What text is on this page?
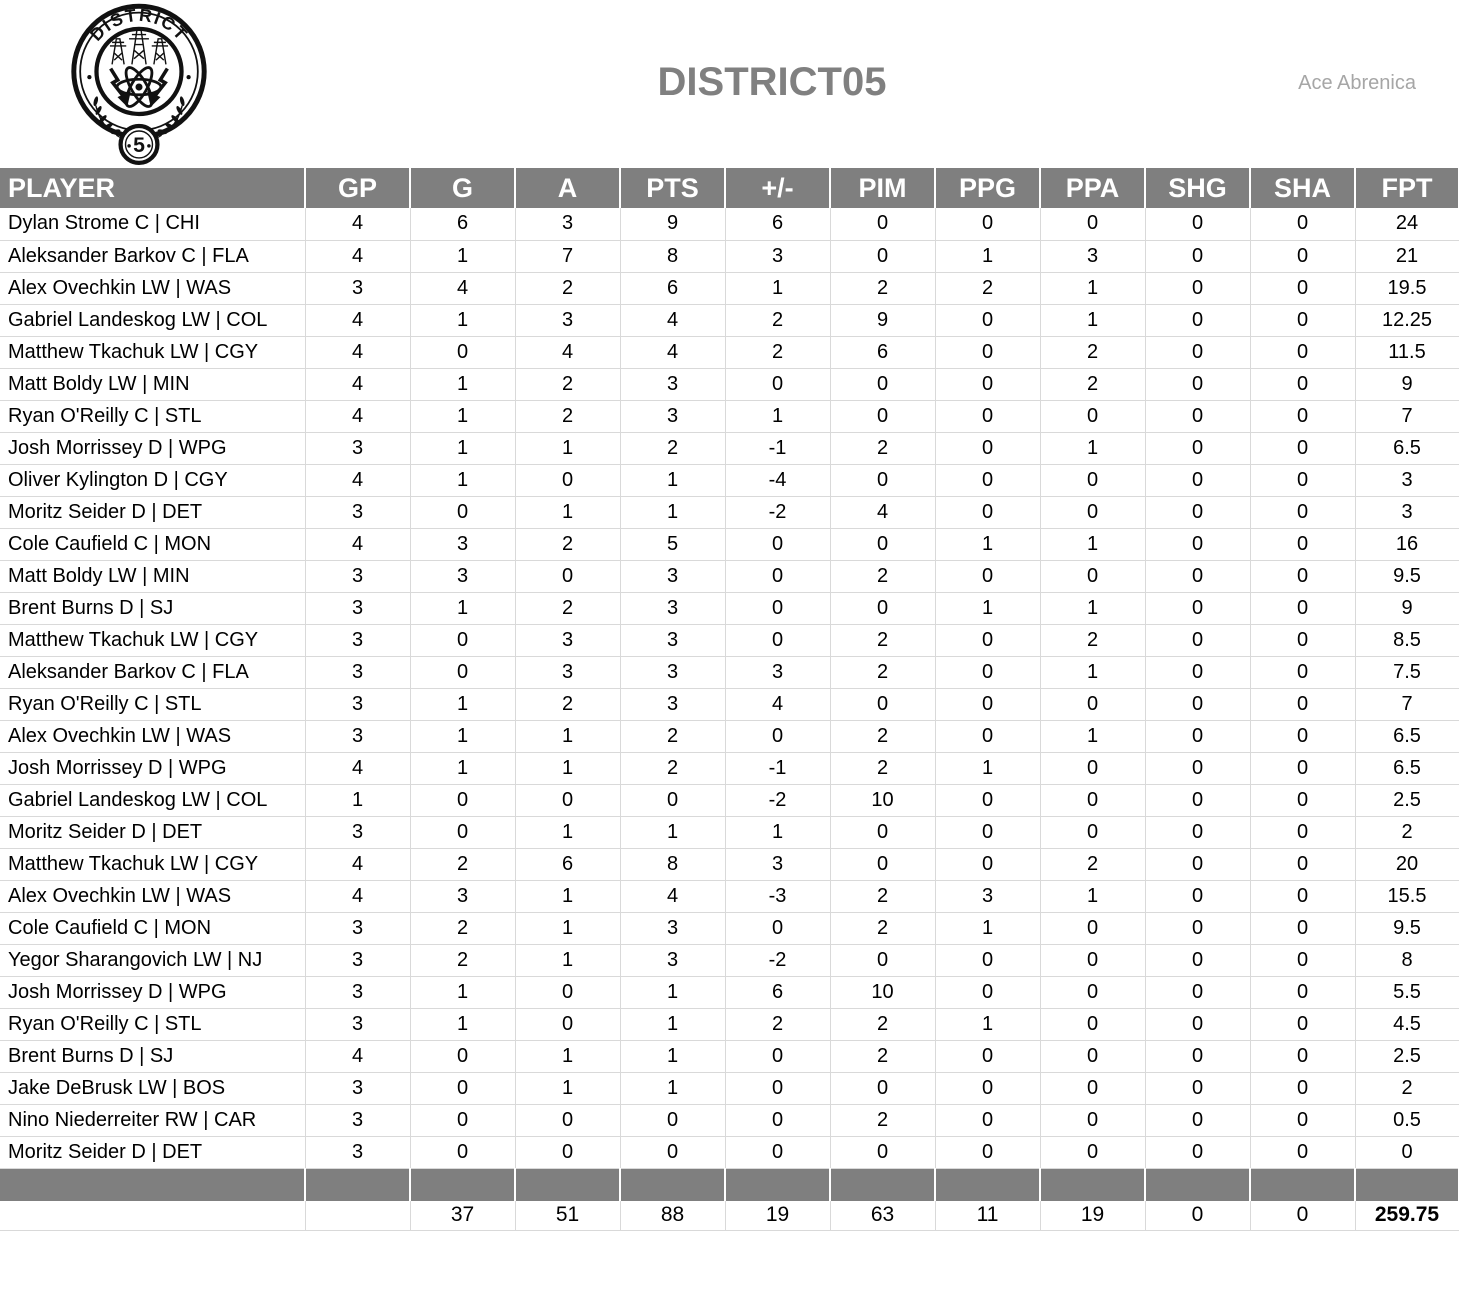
DISTRICT
5
DISTRICT05	Ace Abrenica
PLAYER	GP	G	A	PTS	+/-	PIM	PPG	PPA	SHG	SHA	FPT
Dylan Strome C | CHI	4	6	3	9	6	0	0	0	0	0	24
Aleksander Barkov C | FLA	4	1	7	8	3	0	1	3	0	0	21
Alex Ovechkin LW | WAS	3	4	2	6	1	2	2	1	0	0	19.5
Gabriel Landeskog LW | COL	4	1	3	4	2	9	0	1	0	0	12.25
Matthew Tkachuk LW | CGY	4	0	4	4	2	6	0	2	0	0	11.5
Matt Boldy LW | MIN	4	1	2	3	0	0	0	2	0	0	9
Ryan O'Reilly C | STL	4	1	2	3	1	0	0	0	0	0	7
Josh Morrissey D | WPG	3	1	1	2	-1	2	0	1	0	0	6.5
Oliver Kylington D | CGY	4	1	0	1	-4	0	0	0	0	0	3
Moritz Seider D | DET	3	0	1	1	-2	4	0	0	0	0	3
Cole Caufield C | MON	4	3	2	5	0	0	1	1	0	0	16
Matt Boldy LW | MIN	3	3	0	3	0	2	0	0	0	0	9.5
Brent Burns D | SJ	3	1	2	3	0	0	1	1	0	0	9
Matthew Tkachuk LW | CGY	3	0	3	3	0	2	0	2	0	0	8.5
Aleksander Barkov C | FLA	3	0	3	3	3	2	0	1	0	0	7.5
Ryan O'Reilly C | STL	3	1	2	3	4	0	0	0	0	0	7
Alex Ovechkin LW | WAS	3	1	1	2	0	2	0	1	0	0	6.5
Josh Morrissey D | WPG	4	1	1	2	-1	2	1	0	0	0	6.5
Gabriel Landeskog LW | COL	1	0	0	0	-2	10	0	0	0	0	2.5
Moritz Seider D | DET	3	0	1	1	1	0	0	0	0	0	2
Matthew Tkachuk LW | CGY	4	2	6	8	3	0	0	2	0	0	20
Alex Ovechkin LW | WAS	4	3	1	4	-3	2	3	1	0	0	15.5
Cole Caufield C | MON	3	2	1	3	0	2	1	0	0	0	9.5
Yegor Sharangovich LW | NJ	3	2	1	3	-2	0	0	0	0	0	8
Josh Morrissey D | WPG	3	1	0	1	6	10	0	0	0	0	5.5
Ryan O'Reilly C | STL	3	1	0	1	2	2	1	0	0	0	4.5
Brent Burns D | SJ	4	0	1	1	0	2	0	0	0	0	2.5
Jake DeBrusk LW | BOS	3	0	1	1	0	0	0	0	0	0	2
Nino Niederreiter RW | CAR	3	0	0	0	0	2	0	0	0	0	0.5
Moritz Seider D | DET	3	0	0	0	0	0	0	0	0	0	0

		37	51	88	19	63	11	19	0	0	259.75
